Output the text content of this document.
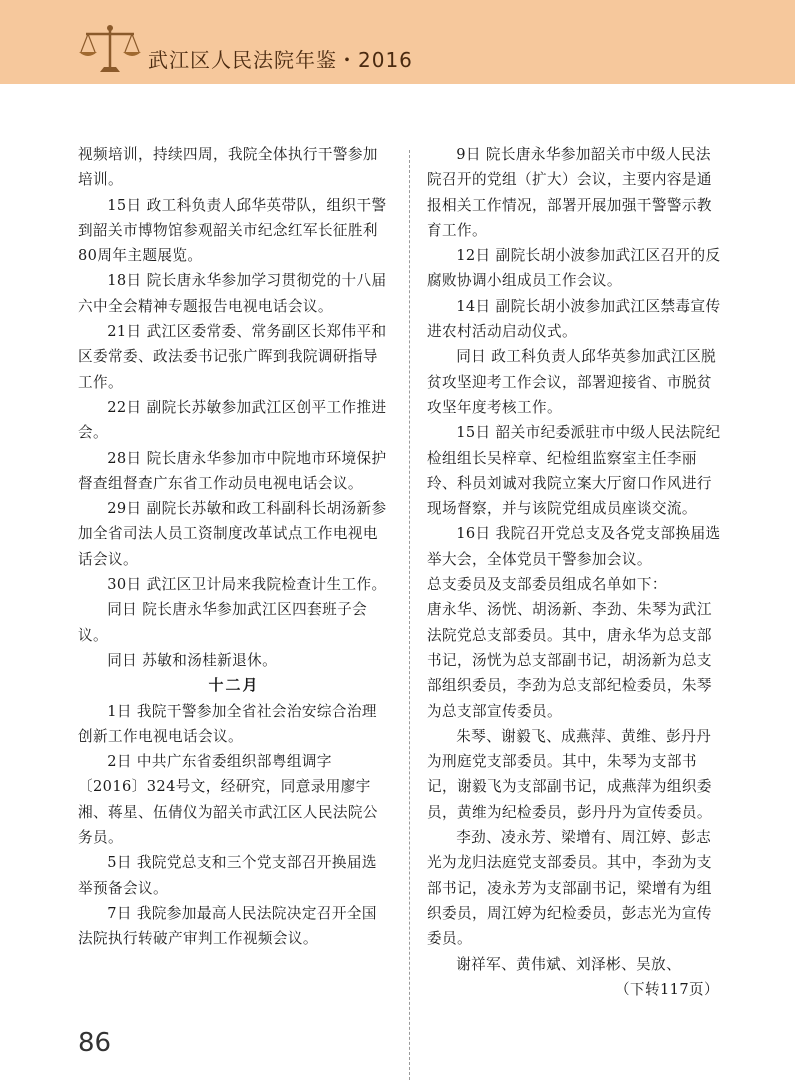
武江区人民法院年鉴・2016

视频培训，持续四周，我院全体执行干警参加培训。

15日 政工科负责人邱华英带队，组织干警到韶关市博物馆参观韶关市纪念红军长征胜利80周年主题展览。

18日 院长唐永华参加学习贯彻党的十八届六中全会精神专题报告电视电话会议。

21日 武江区委常委、常务副区长郑伟平和区委常委、政法委书记张广晖到我院调研指导工作。

22日 副院长苏敏参加武江区创平工作推进会。

28日 院长唐永华参加市中院地市环境保护督查组督查广东省工作动员电视电话会议。

29日 副院长苏敏和政工科副科长胡汤新参加全省司法人员工资制度改革试点工作电视电话会议。

30日 武江区卫计局来我院检查计生工作。

同日 院长唐永华参加武江区四套班子会议。

同日 苏敏和汤桂新退休。

十二月

1日 我院干警参加全省社会治安综合治理创新工作电视电话会议。

2日 中共广东省委组织部粤组调字〔2016〕324号文，经研究，同意录用廖宇湘、蒋星、伍倩仪为韶关市武江区人民法院公务员。

5日 我院党总支和三个党支部召开换届选举预备会议。

7日 我院参加最高人民法院决定召开全国法院执行转破产审判工作视频会议。

9日 院长唐永华参加韶关市中级人民法院召开的党组（扩大）会议，主要内容是通报相关工作情况，部署开展加强干警警示教育工作。

12日 副院长胡小波参加武江区召开的反腐败协调小组成员工作会议。

14日 副院长胡小波参加武江区禁毒宣传进农村活动启动仪式。

同日 政工科负责人邱华英参加武江区脱贫攻坚迎考工作会议，部署迎接省、市脱贫攻坚年度考核工作。

15日 韶关市纪委派驻市中级人民法院纪检组组长吴梓章、纪检组监察室主任李丽玲、科员刘诚对我院立案大厅窗口作风进行现场督察，并与该院党组成员座谈交流。

16日 我院召开党总支及各党支部换届选举大会，全体党员干警参加会议。

总支委员及支部委员组成名单如下：

唐永华、汤恍、胡汤新、李劲、朱琴为武江法院党总支部委员。其中，唐永华为总支部书记，汤恍为总支部副书记，胡汤新为总支部组织委员，李劲为总支部纪检委员，朱琴为总支部宣传委员。

朱琴、谢毅飞、成燕萍、黄维、彭丹丹为刑庭党支部委员。其中，朱琴为支部书记，谢毅飞为支部副书记，成燕萍为组织委员，黄维为纪检委员，彭丹丹为宣传委员。

李劲、凌永芳、梁增有、周江婷、彭志光为龙归法庭党支部委员。其中，李劲为支部书记，凌永芳为支部副书记，梁增有为组织委员，周江婷为纪检委员，彭志光为宣传委员。

谢祥军、黄伟斌、刘泽彬、吴放、

（下转117页）

86
